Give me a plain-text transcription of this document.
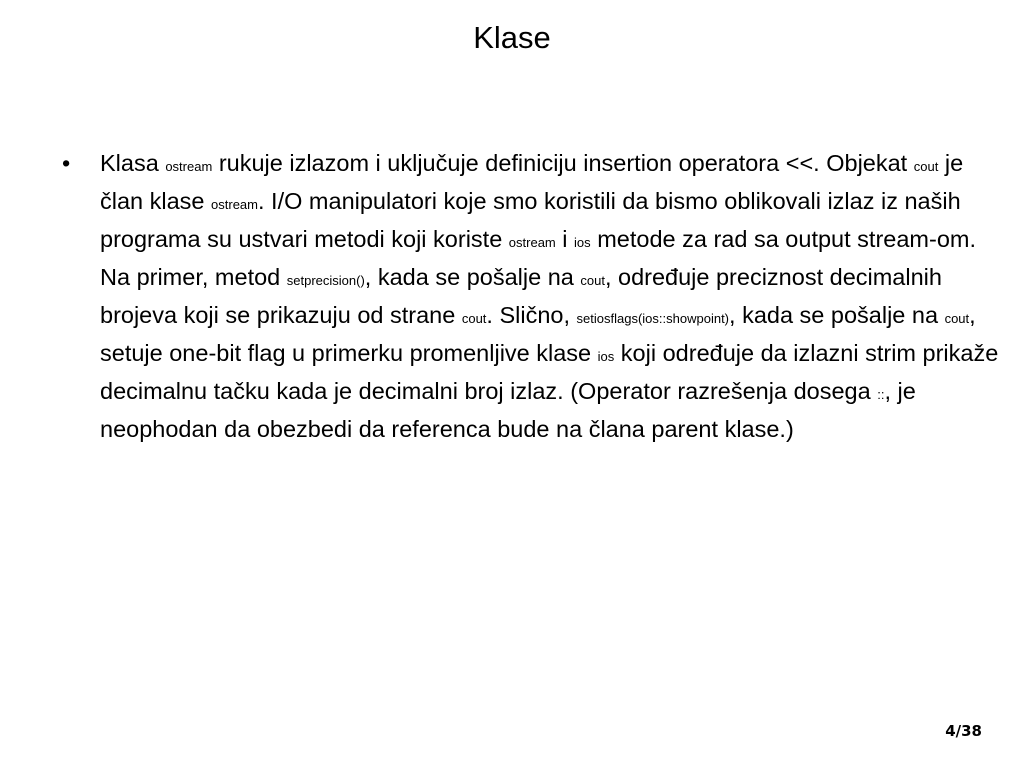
Klase
• Klasa ostream rukuje izlazom i uključuje definiciju insertion operatora <<. Objekat cout je član klase ostream. I/O manipulatori koje smo koristili da bismo oblikovali izlaz iz naših programa su ustvari metodi koji koriste ostream i ios metode za rad sa output stream-om. Na primer, metod setprecision(), kada se pošalje na cout, određuje preciznost decimalnih brojeva koji se prikazuju od strane cout. Slično, setiosflags(ios::showpoint), kada se pošalje na cout, setuje one-bit flag u primerku promenljive klase ios koji određuje da izlazni strim prikaže decimalnu tačku kada je decimalni broj izlaz. (Operator razrešenja dosega ::, je neophodan da obezbedi da referenca bude na člana parent klase.)
4/38
